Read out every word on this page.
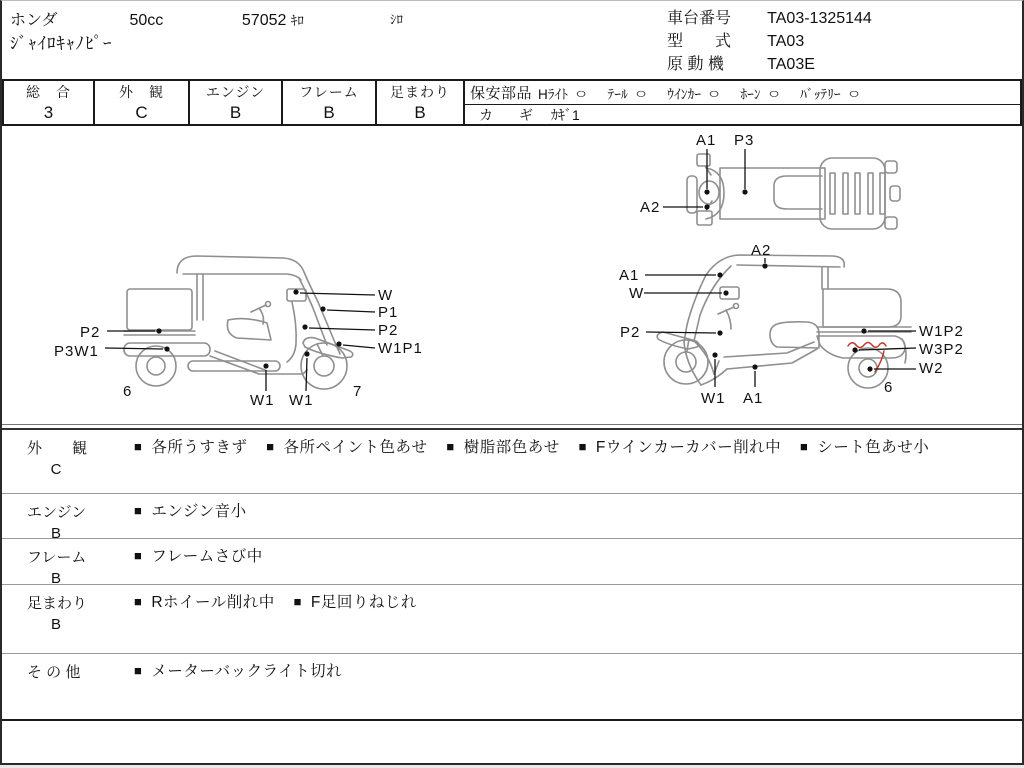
ホンダ	50cc	57052 ｷﾛ	ｼﾛ
ｼﾞｬｲﾛｷｬﾉﾋﾟｰ
車台番号 TA03-1325144
型　　式 TA03
原 動 機	TA03E
総　合
3
外　観
C
エンジン
B
フレーム
B
足まわり
B
保安部品 Hﾗｲﾄ ○ ﾃｰﾙ ○ ｳｲﾝｶｰ ○ ﾎｰﾝ ○ ﾊﾞｯﾃﾘｰ ○
カ　ギ ｶｷﾞ1
A1 P3
A2
P2
P3W1
W
P1
P2
W1P1
6
W1 W1
7
A2
A1
W
P2
W1 A1
W1P2
W3P2
W2
6
外　　観
C
■ 各所うすきず ■ 各所ペイント色あせ ■ 樹脂部色あせ ■ Fウインカーカバー削れ中 ■ シート色あせ小
エンジン
B
■ エンジン音小
フレーム
B
■ フレームさび中
足まわり
B
■ Rホイール削れ中 ■ F足回りねじれ
そ の 他	■ メーターバックライト切れ
